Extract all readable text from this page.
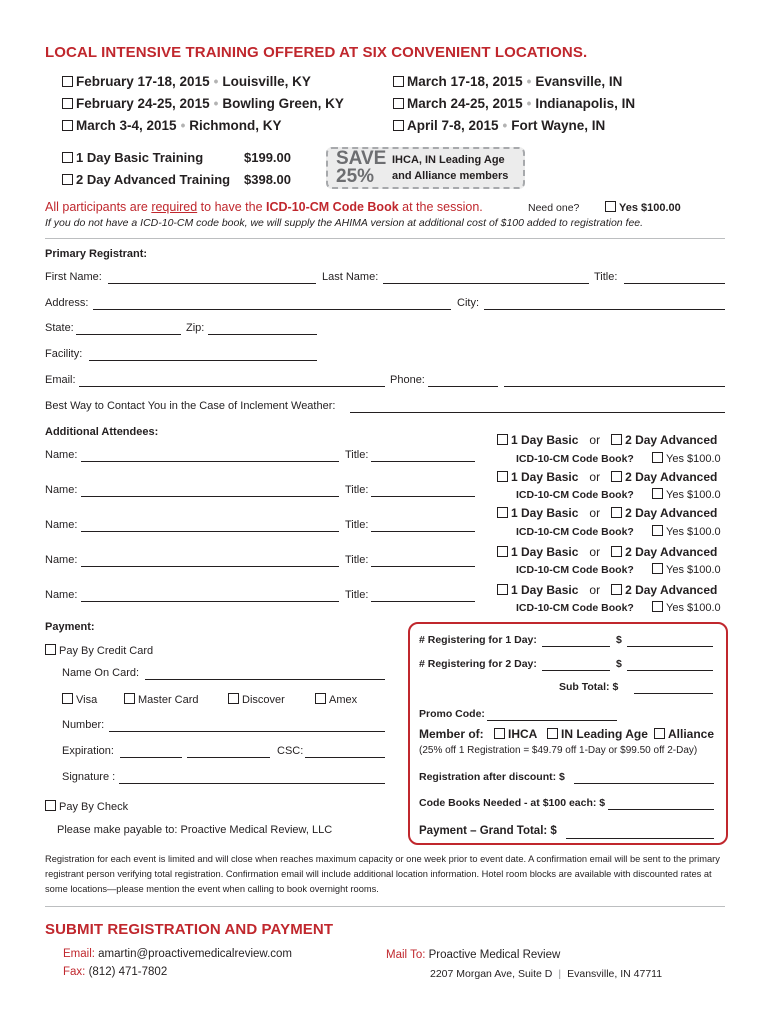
LOCAL INTENSIVE TRAINING OFFERED AT SIX CONVENIENT LOCATIONS.
February 17-18, 2015 • Louisville, KY
February 24-25, 2015 • Bowling Green, KY
March 3-4, 2015 • Richmond, KY
March 17-18, 2015 • Evansville, IN
March 24-25, 2015 • Indianapolis, IN
April 7-8, 2015 • Fort Wayne, IN
1 Day Basic Training	$199.00
2 Day Advanced Training $398.00
SAVE
25%
IHCA, IN Leading Age
and Alliance members
All participants are required to have the ICD-10-CM Code Book at the session.	Need one?	Yes $100.00
If you do not have a ICD-10-CM code book, we will supply the AHIMA version at additional cost of $100 added to registration fee.
Primary Registrant:
First Name:	Last Name:	Title:
Address:	City:
State:	Zip:
Facility:
Email:	Phone:
Best Way to Contact You in the Case of Inclement Weather:
Additional Attendees:
Name:	Title:
1 Day Basic or 2 Day Advanced
ICD-10-CM Code Book?	Yes $100.0
Name:	Title:
1 Day Basic or 2 Day Advanced
ICD-10-CM Code Book?	Yes $100.0
Name:	Title:
1 Day Basic or 2 Day Advanced
ICD-10-CM Code Book?	Yes $100.0
Name:	Title:
1 Day Basic or 2 Day Advanced
ICD-10-CM Code Book?	Yes $100.0
Name:	Title:	1 Day Basic or 2 Day Advanced
ICD-10-CM Code Book?	Yes $100.0
Payment:
Pay By Credit Card
Name On Card:
Visa	Master Card	Discover	Amex
Number:
Expiration:	CSC:
Signature :
Pay By Check
Please make payable to: Proactive Medical Review, LLC
# Registering for 1 Day:	$
# Registering for 2 Day:	$
Sub Total: $
Promo Code:
Member of:	IHCA	IN Leading Age	Alliance
(25% off 1 Registration = $49.79 off 1-Day or $99.50 off 2-Day)
Registration after discount: $
Code Books Needed - at $100 each: $
Payment – Grand Total: $
Registration for each event is limited and will close when reaches maximum capacity or one week prior to event date. A confirmation email will be sent to the primary registrant person verifying total registration. Confirmation email will include additional location information. Hotel room blocks are available with discounted rates at some locations—please mention the event when calling to book overnight rooms.
SUBMIT REGISTRATION AND PAYMENT
Email: amartin@proactivemedicalreview.com
Fax: (812) 471-7802
Mail To: Proactive Medical Review
2207 Morgan Ave, Suite D | Evansville, IN 47711
